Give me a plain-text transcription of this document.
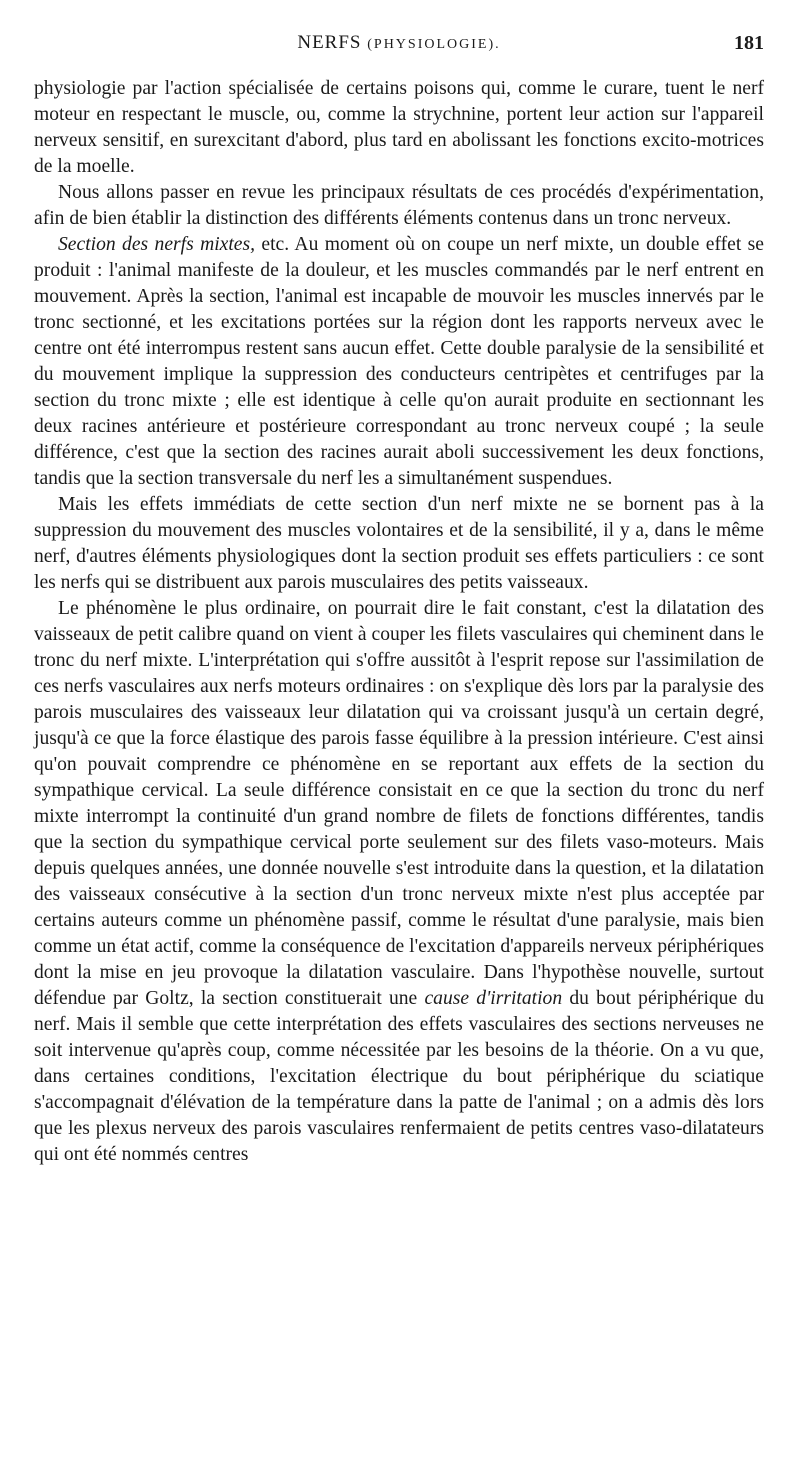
NERFS (PHYSIOLOGIE).	181

physiologie par l'action spécialisée de certains poisons qui, comme le curare, tuent le nerf moteur en respectant le muscle, ou, comme la strychnine, portent leur action sur l'appareil nerveux sensitif, en surexcitant d'abord, plus tard en abolissant les fonctions excito-motrices de la moelle.

Nous allons passer en revue les principaux résultats de ces procédés d'expérimentation, afin de bien établir la distinction des différents éléments contenus dans un tronc nerveux.

Section des nerfs mixtes, etc. Au moment où on coupe un nerf mixte, un double effet se produit : l'animal manifeste de la douleur, et les muscles commandés par le nerf entrent en mouvement. Après la section, l'animal est incapable de mouvoir les muscles innervés par le tronc sectionné, et les excitations portées sur la région dont les rapports nerveux avec le centre ont été interrompus restent sans aucun effet. Cette double paralysie de la sensibilité et du mouvement implique la suppression des conducteurs centripètes et centrifuges par la section du tronc mixte ; elle est identique à celle qu'on aurait produite en sectionnant les deux racines antérieure et postérieure correspondant au tronc nerveux coupé ; la seule différence, c'est que la section des racines aurait aboli successivement les deux fonctions, tandis que la section transversale du nerf les a simultanément suspendues.

Mais les effets immédiats de cette section d'un nerf mixte ne se bornent pas à la suppression du mouvement des muscles volontaires et de la sensibilité, il y a, dans le même nerf, d'autres éléments physiologiques dont la section produit ses effets particuliers : ce sont les nerfs qui se distribuent aux parois musculaires des petits vaisseaux.

Le phénomène le plus ordinaire, on pourrait dire le fait constant, c'est la dilatation des vaisseaux de petit calibre quand on vient à couper les filets vasculaires qui cheminent dans le tronc du nerf mixte. L'interprétation qui s'offre aussitôt à l'esprit repose sur l'assimilation de ces nerfs vasculaires aux nerfs moteurs ordinaires : on s'explique dès lors par la paralysie des parois musculaires des vaisseaux leur dilatation qui va croissant jusqu'à un certain degré, jusqu'à ce que la force élastique des parois fasse équilibre à la pression intérieure. C'est ainsi qu'on pouvait comprendre ce phénomène en se reportant aux effets de la section du sympathique cervical. La seule différence consistait en ce que la section du tronc du nerf mixte interrompt la continuité d'un grand nombre de filets de fonctions différentes, tandis que la section du sympathique cervical porte seulement sur des filets vaso-moteurs. Mais depuis quelques années, une donnée nouvelle s'est introduite dans la question, et la dilatation des vaisseaux consécutive à la section d'un tronc nerveux mixte n'est plus acceptée par certains auteurs comme un phénomène passif, comme le résultat d'une paralysie, mais bien comme un état actif, comme la conséquence de l'excitation d'appareils nerveux périphériques dont la mise en jeu provoque la dilatation vasculaire. Dans l'hypothèse nouvelle, surtout défendue par Goltz, la section constituerait une cause d'irritation du bout périphérique du nerf. Mais il semble que cette interprétation des effets vasculaires des sections nerveuses ne soit intervenue qu'après coup, comme nécessitée par les besoins de la théorie. On a vu que, dans certaines conditions, l'excitation électrique du bout périphérique du sciatique s'accompagnait d'élévation de la température dans la patte de l'animal ; on a admis dès lors que les plexus nerveux des parois vasculaires renfermaient de petits centres vaso-dilatateurs qui ont été nommés centres
